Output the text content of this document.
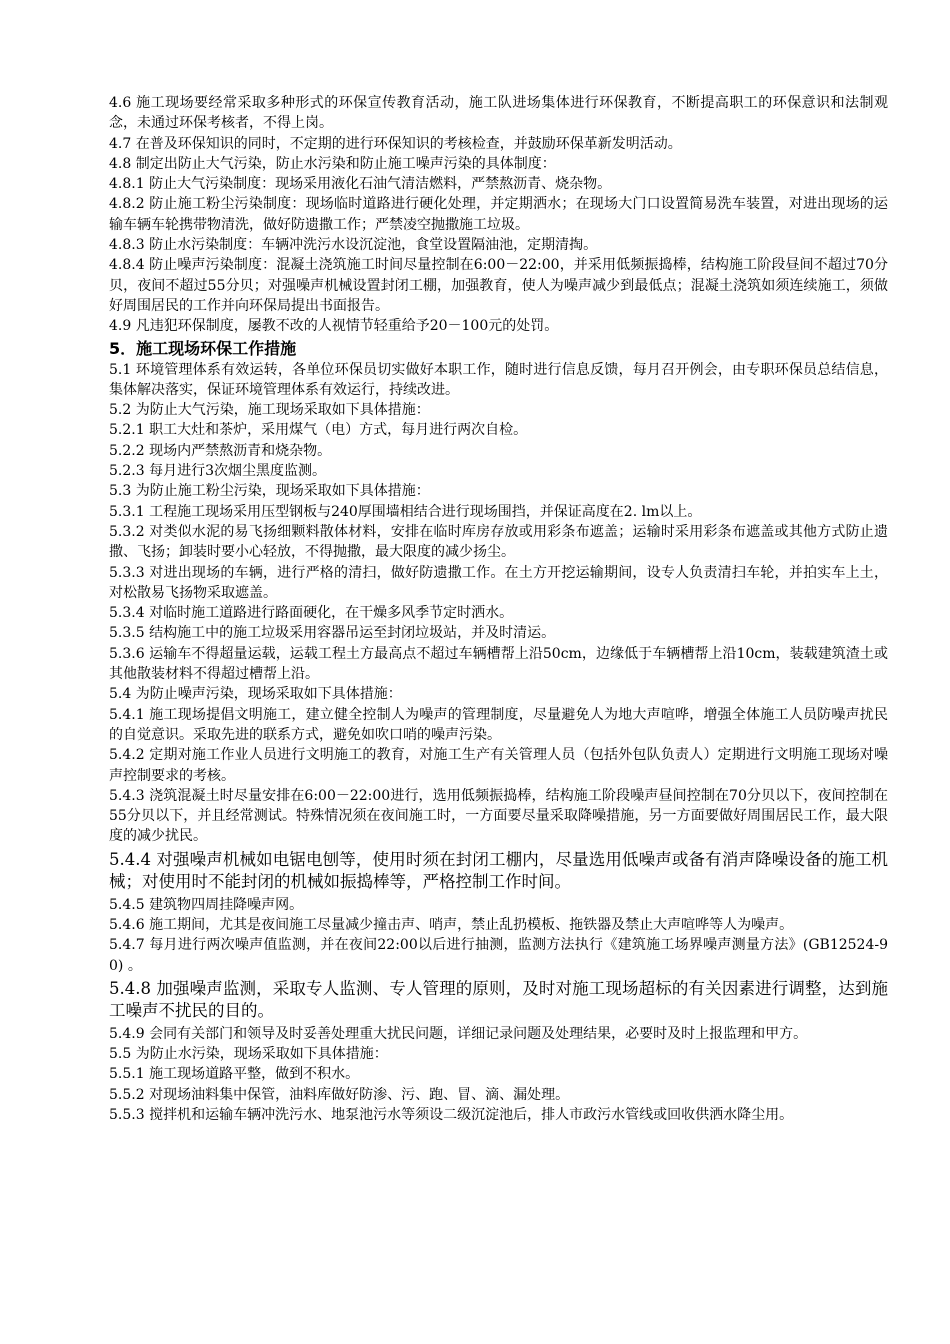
4.6 施工现场要经常采取多种形式的环保宣传教育活动，施工队进场集体进行环保教育，不断提高职工的环保意识和法制观念，未通过环保考核者，不得上岗。

4.7 在普及环保知识的同时，不定期的进行环保知识的考核检查，并鼓励环保革新发明活动。

4.8 制定出防止大气污染，防止水污染和防止施工噪声污染的具体制度：

4.8.1 防止大气污染制度：现场采用液化石油气清洁燃料，严禁熬沥青、烧杂物。

4.8.2 防止施工粉尘污染制度：现场临时道路进行硬化处理，并定期洒水；在现场大门口设置简易洗车装置，对进出现场的运输车辆车轮携带物清洗，做好防遗撒工作；严禁凌空抛撒施工垃圾。

4.8.3 防止水污染制度：车辆冲洗污水设沉淀池，食堂设置隔油池，定期清掏。

4.8.4 防止噪声污染制度：混凝土浇筑施工时间尽量控制在6:00－22:00，并采用低频振捣棒，结构施工阶段昼间不超过70分贝，夜间不超过55分贝；对强噪声机械设置封闭工棚，加强教育，使人为噪声减少到最低点；混凝土浇筑如须连续施工，须做好周围居民的工作并向环保局提出书面报告。

4.9 凡违犯环保制度，屡教不改的人视情节轻重给予20－100元的处罚。

5．施工现场环保工作措施

5.1 环境管理体系有效运转，各单位环保员切实做好本职工作，随时进行信息反馈，每月召开例会，由专职环保员总结信息，集体解决落实，保证环境管理体系有效运行，持续改进。

5.2 为防止大气污染，施工现场采取如下具体措施：

5.2.1 职工大灶和茶炉，采用煤气（电）方式，每月进行两次自检。

5.2.2 现场内严禁熬沥青和烧杂物。

5.2.3 每月进行3次烟尘黑度监测。

5.3 为防止施工粉尘污染，现场采取如下具体措施：

5.3.1 工程施工现场采用压型钢板与240厚围墙相结合进行现场围挡，并保证高度在2. lm以上。

5.3.2 对类似水泥的易飞扬细颗料散体材料，安排在临时库房存放或用彩条布遮盖；运输时采用彩条布遮盖或其他方式防止遗撒、飞扬；卸装时要小心轻放，不得抛撒，最大限度的减少扬尘。

5.3.3 对进出现场的车辆，进行严格的清扫，做好防遗撒工作。在土方开挖运输期间，设专人负责清扫车轮，并拍实车上土，对松散易飞扬物采取遮盖。

5.3.4 对临时施工道路进行路面硬化，在干燥多风季节定时洒水。

5.3.5 结构施工中的施工垃圾采用容器吊运至封闭垃圾站，并及时清运。

5.3.6 运输车不得超量运载，运载工程土方最高点不超过车辆槽帮上沿50cm，边缘低于车辆槽帮上沿10cm，装载建筑渣土或其他散装材料不得超过槽帮上沿。

5.4 为防止噪声污染，现场采取如下具体措施：

5.4.1 施工现场提倡文明施工，建立健全控制人为噪声的管理制度，尽量避免人为地大声喧哗，增强全体施工人员防噪声扰民的自觉意识。采取先进的联系方式，避免如吹口哨的噪声污染。

5.4.2 定期对施工作业人员进行文明施工的教育，对施工生产有关管理人员（包括外包队负责人）定期进行文明施工现场对噪声控制要求的考核。

5.4.3 浇筑混凝土时尽量安排在6:00－22:00进行，选用低频振捣棒，结构施工阶段噪声昼间控制在70分贝以下，夜间控制在55分贝以下，并且经常测试。特殊情况须在夜间施工时，一方面要尽量采取降噪措施，另一方面要做好周围居民工作，最大限度的减少扰民。

5.4.4 对强噪声机械如电锯电刨等，使用时须在封闭工棚内，尽量选用低噪声或备有消声降噪设备的施工机械；对使用时不能封闭的机械如振捣棒等，严格控制工作时间。

5.4.5 建筑物四周挂降噪声网。

5.4.6 施工期间，尤其是夜间施工尽量减少撞击声、哨声，禁止乱扔模板、拖铁器及禁止大声喧哗等人为噪声。

5.4.7 每月进行两次噪声值监测，并在夜间22:00以后进行抽测，监测方法执行《建筑施工场界噪声测量方法》(GB12524-90) 。

5.4.8 加强噪声监测，采取专人监测、专人管理的原则，及时对施工现场超标的有关因素进行调整，达到施工噪声不扰民的目的。

5.4.9 会同有关部门和领导及时妥善处理重大扰民问题，详细记录问题及处理结果，必要时及时上报监理和甲方。

5.5 为防止水污染，现场采取如下具体措施：

5.5.1 施工现场道路平整，做到不积水。

5.5.2 对现场油料集中保管，油料库做好防渗、污、跑、冒、滴、漏处理。

5.5.3 搅拌机和运输车辆冲洗污水、地泵池污水等须设二级沉淀池后，排人市政污水管线或回收供洒水降尘用。
